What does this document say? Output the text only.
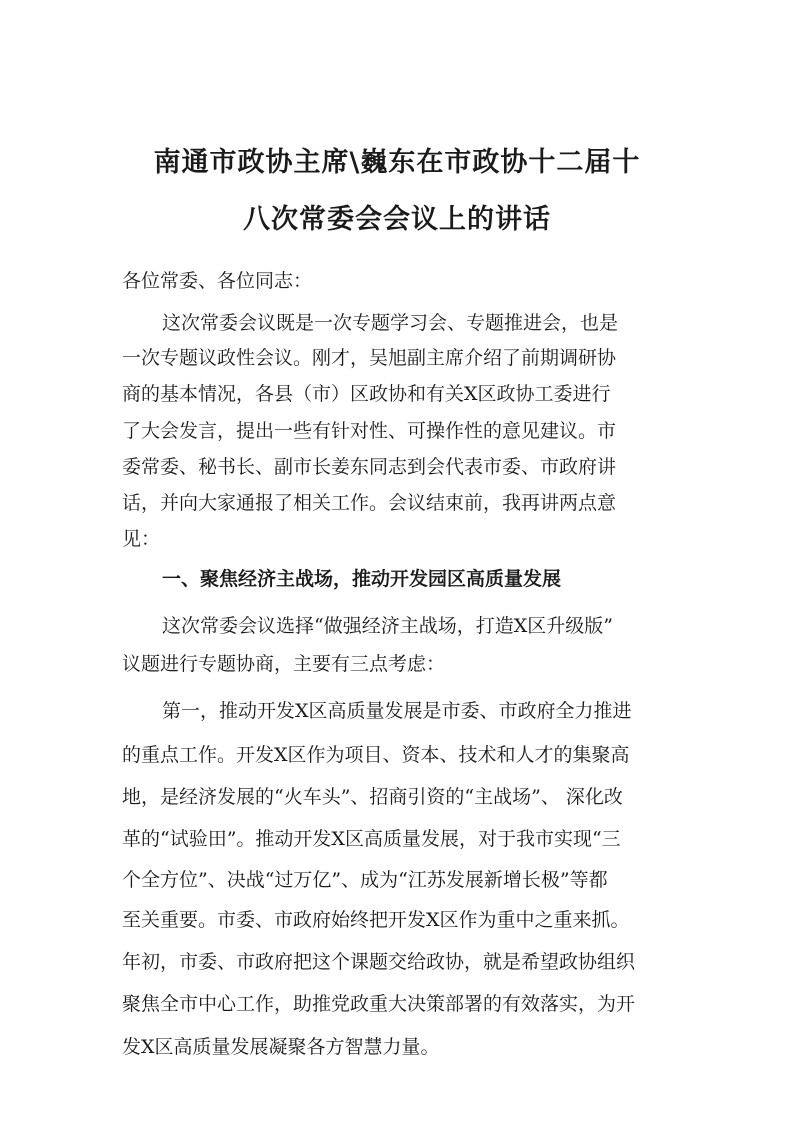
南通市政协主席\巍东在市政协十二届十
八次常委会会议上的讲话
各位常委、各位同志：
这次常委会议既是一次专题学习会、专题推进会，也是
一次专题议政性会议。刚才，吴旭副主席介绍了前期调研协
商的基本情况，各县（市）区政协和有关X区政协工委进行
了大会发言，提出一些有针对性、可操作性的意见建议。市
委常委、秘书长、副市长姜东同志到会代表市委、市政府讲
话，并向大家通报了相关工作。会议结束前，我再讲两点意
见：
一、聚焦经济主战场，推动开发园区高质量发展
这次常委会议选择“做强经济主战场，打造X区升级版”
议题进行专题协商，主要有三点考虑：
第一，推动开发X区高质量发展是市委、市政府全力推进
的重点工作。开发X区作为项目、资本、技术和人才的集聚高
地，是经济发展的“火车头”、招商引资的“主战场”、 深化改
革的“试验田”。推动开发X区高质量发展，对于我市实现“三
个全方位”、决战“过万亿”、成为“江苏发展新增长极”等都
至关重要。市委、市政府始终把开发X区作为重中之重来抓。
年初，市委、市政府把这个课题交给政协，就是希望政协组织
聚焦全市中心工作，助推党政重大决策部署的有效落实，为开
发X区高质量发展凝聚各方智慧力量。
